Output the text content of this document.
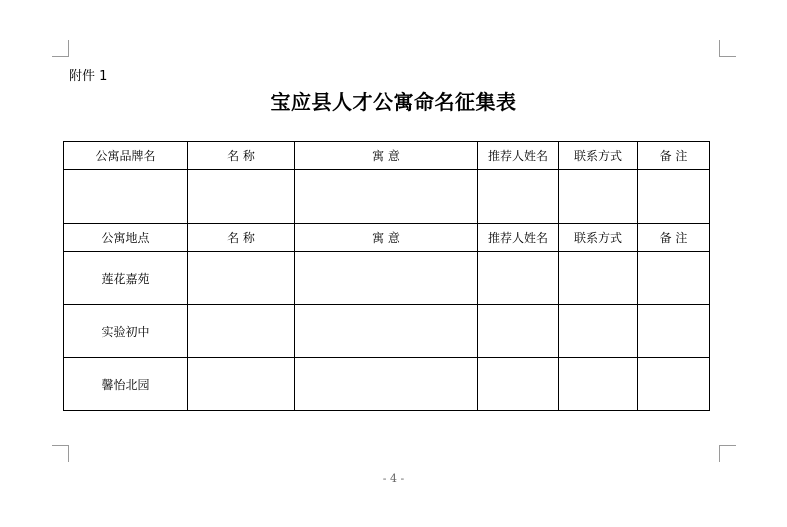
附件 1
宝应县人才公寓命名征集表
公寓品牌名	名 称	寓 意	推荐人姓名	联系方式	备 注

公寓地点	名 称	寓 意	推荐人姓名	联系方式	备 注
莲花嘉苑					
实验初中					
馨怡北园					
- 4 -
